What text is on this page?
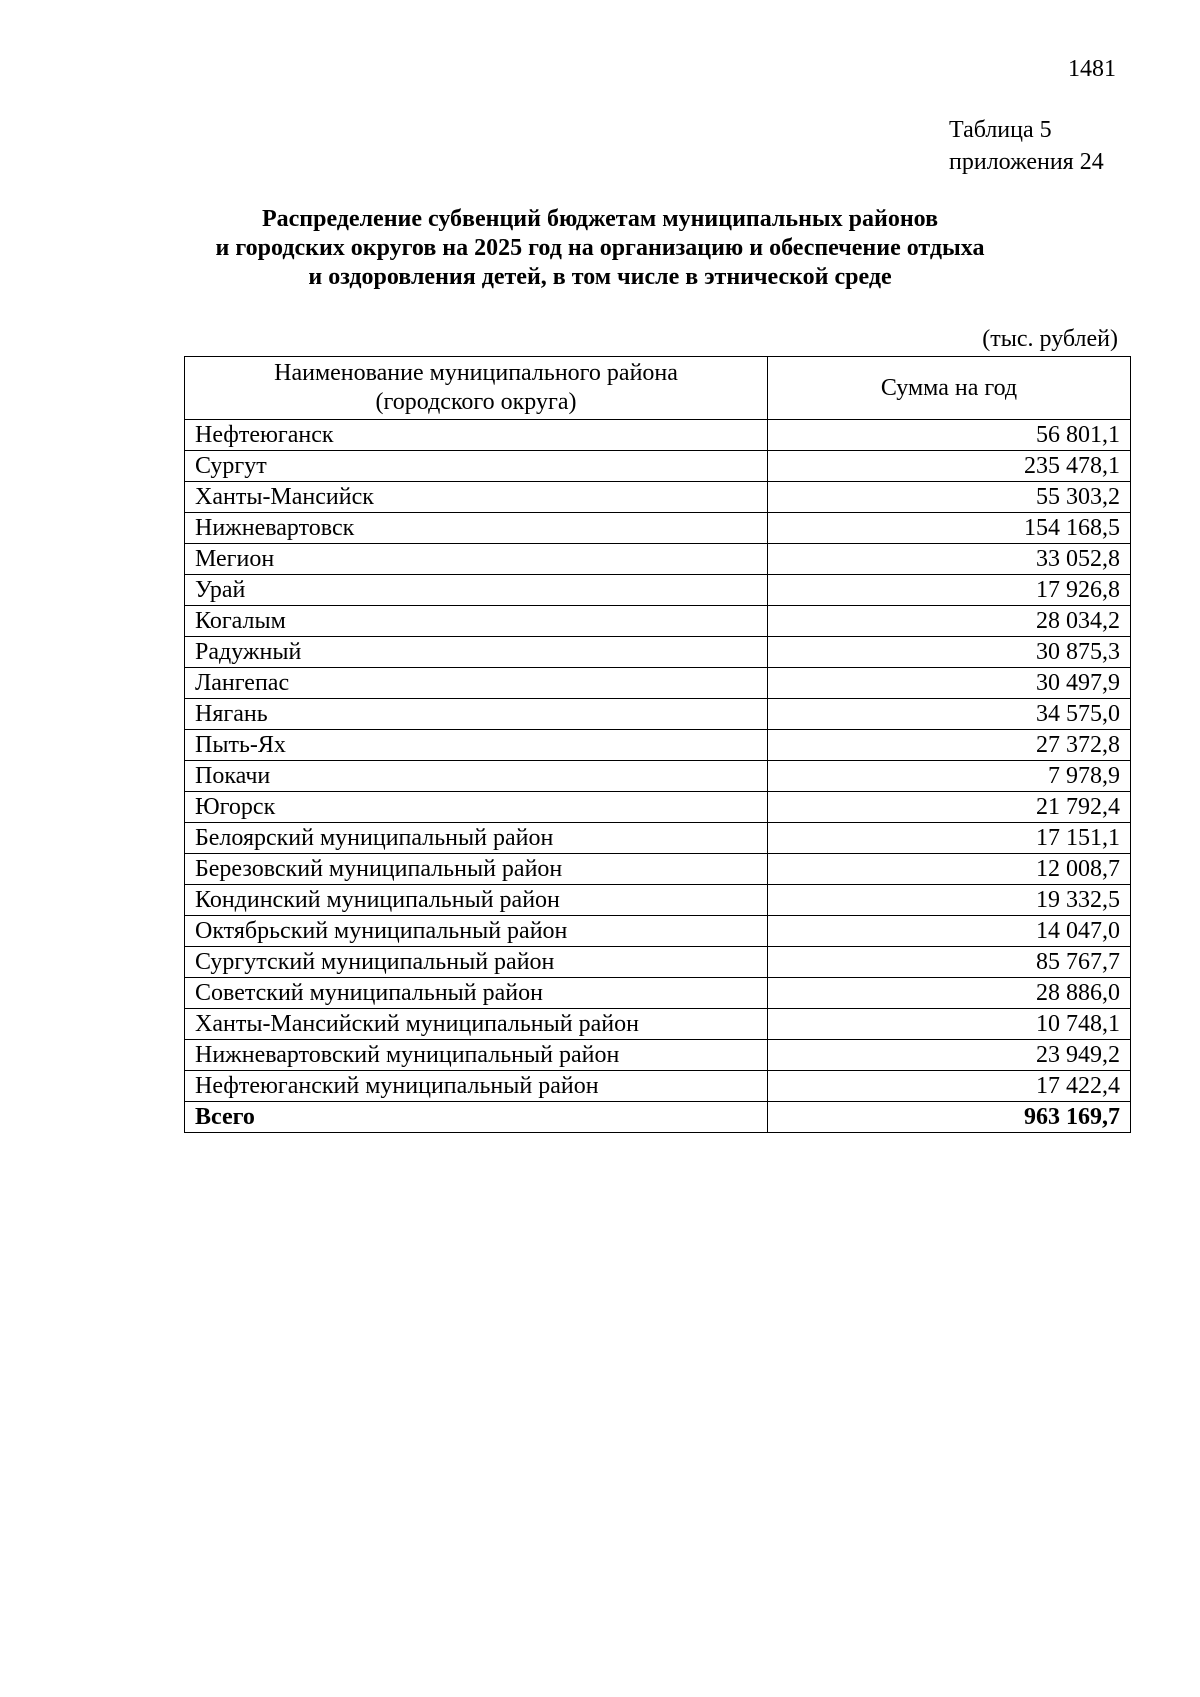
1481
Таблица 5
приложения 24
Распределение субвенций бюджетам муниципальных районов
и городских округов на 2025 год на организацию и обеспечение отдыха
и оздоровления детей, в том числе в этнической среде
(тыс. рублей)
Наименование муниципального района
(городского округа)	Сумма на год
Нефтеюганск	56 801,1
Сургут	235 478,1
Ханты-Мансийск	55 303,2
Нижневартовск	154 168,5
Мегион	33 052,8
Урай	17 926,8
Когалым	28 034,2
Радужный	30 875,3
Лангепас	30 497,9
Нягань	34 575,0
Пыть-Ях	27 372,8
Покачи	7 978,9
Югорск	21 792,4
Белоярский муниципальный район	17 151,1
Березовский муниципальный район	12 008,7
Кондинский муниципальный район	19 332,5
Октябрьский муниципальный район	14 047,0
Сургутский муниципальный район	85 767,7
Советский муниципальный район	28 886,0
Ханты-Мансийский муниципальный район	10 748,1
Нижневартовский муниципальный район	23 949,2
Нефтеюганский муниципальный район	17 422,4
Всего	963 169,7
